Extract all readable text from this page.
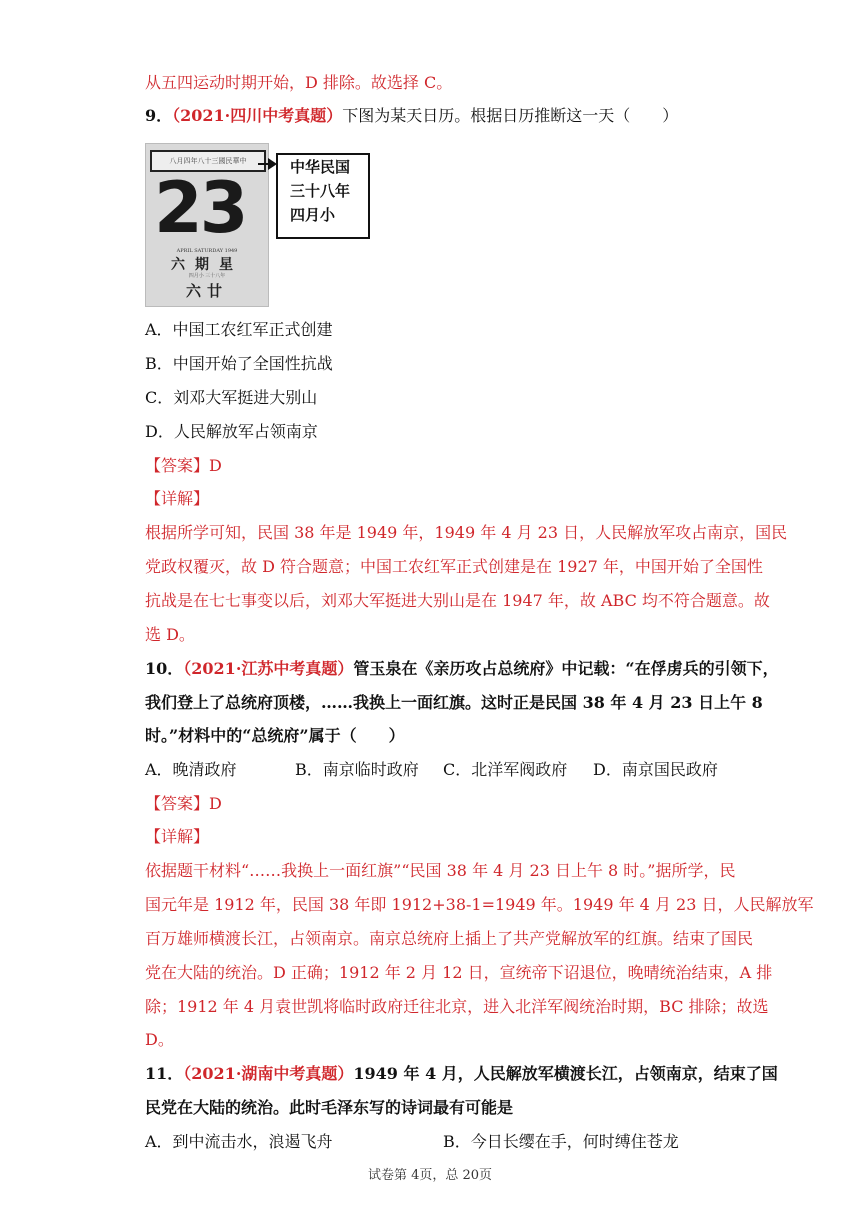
从五四运动时期开始，D 排除。故选择 C。
9．（2021·四川中考真题）下图为某天日历。根据日历推断这一天（　　）
八月四年八十三國民華中
23
APRIL SATURDAY 1949
六期星
四月小 三十八年
六廿
中华民国
三十八年
四月小
A．中国工农红军正式创建
B．中国开始了全国性抗战
C．刘邓大军挺进大别山
D．人民解放军占领南京
【答案】D
【详解】
根据所学可知，民国 38 年是 1949 年，1949 年 4 月 23 日，人民解放军攻占南京，国民
党政权覆灭，故 D 符合题意；中国工农红军正式创建是在 1927 年，中国开始了全国性
抗战是在七七事变以后，刘邓大军挺进大别山是在 1947 年，故 ABC 均不符合题意。故
选 D。
10．（2021·江苏中考真题）管玉泉在《亲历攻占总统府》中记载：“在俘虏兵的引领下，
我们登上了总统府顶楼，……我换上一面红旗。这时正是民国 38 年 4 月 23 日上午 8
时。”材料中的“总统府”属于（　　）
A．晚清政府	B．南京临时政府 C．北洋军阀政府 D．南京国民政府
【答案】D
【详解】
依据题干材料“……我换上一面红旗”“民国 38 年 4 月 23 日上午 8 时。”据所学，民
国元年是 1912 年，民国 38 年即 1912+38-1=1949 年。1949 年 4 月 23 日，人民解放军
百万雄师横渡长江，占领南京。南京总统府上插上了共产党解放军的红旗。结束了国民
党在大陆的统治。D 正确；1912 年 2 月 12 日，宣统帝下诏退位，晚晴统治结束，A 排
除；1912 年 4 月袁世凯将临时政府迁往北京，进入北洋军阀统治时期，BC 排除；故选
D。
11．（2021·湖南中考真题）1949 年 4 月，人民解放军横渡长江，占领南京，结束了国
民党在大陆的统治。此时毛泽东写的诗词最有可能是
A．到中流击水，浪遏飞舟	B．今日长缨在手，何时缚住苍龙
试卷第 4页，总 20页
